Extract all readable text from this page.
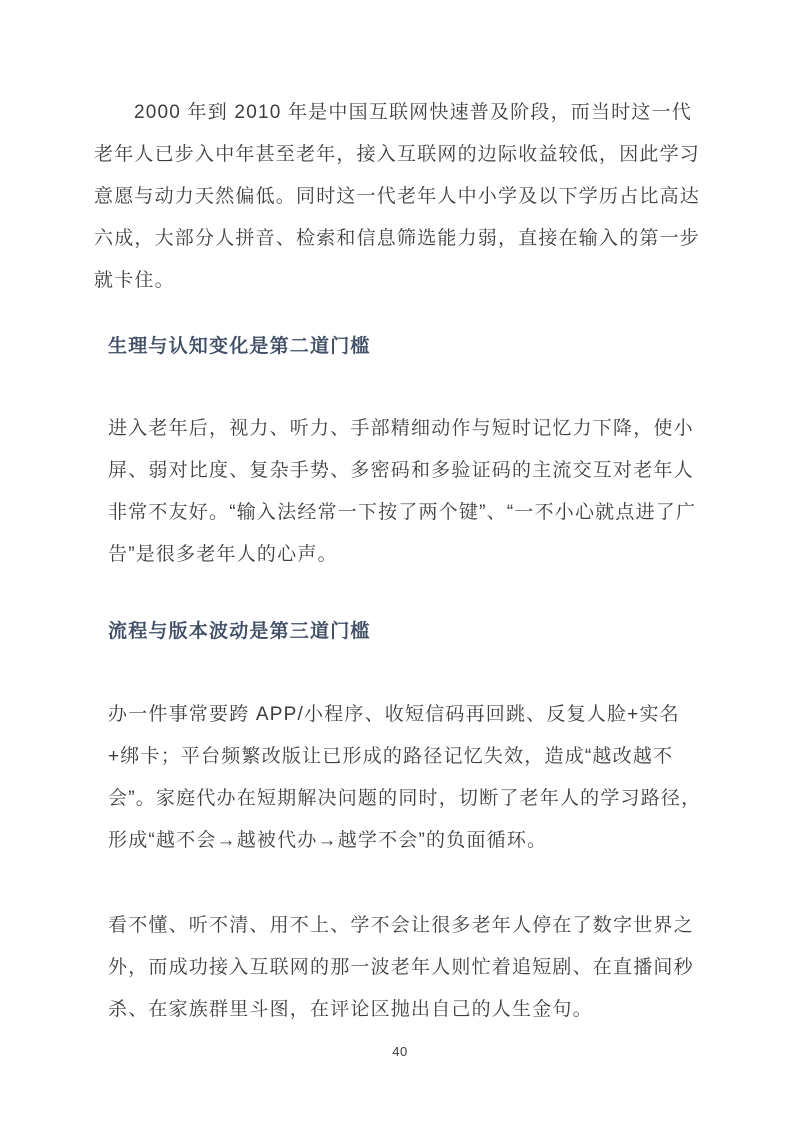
2000 年到 2010 年是中国互联网快速普及阶段，而当时这一代老年人已步入中年甚至老年，接入互联网的边际收益较低，因此学习意愿与动力天然偏低。同时这一代老年人中小学及以下学历占比高达六成，大部分人拼音、检索和信息筛选能力弱，直接在输入的第一步就卡住。

生理与认知变化是第二道门槛

进入老年后，视力、听力、手部精细动作与短时记忆力下降，使小屏、弱对比度、复杂手势、多密码和多验证码的主流交互对老年人非常不友好。“输入法经常一下按了两个键”、“一不小心就点进了广告”是很多老年人的心声。

流程与版本波动是第三道门槛

办一件事常要跨 APP/小程序、收短信码再回跳、反复人脸+实名+绑卡；平台频繁改版让已形成的路径记忆失效，造成“越改越不会”。家庭代办在短期解决问题的同时，切断了老年人的学习路径，形成“越不会→越被代办→越学不会”的负面循环。

看不懂、听不清、用不上、学不会让很多老年人停在了数字世界之外，而成功接入互联网的那一波老年人则忙着追短剧、在直播间秒杀、在家族群里斗图，在评论区抛出自己的人生金句。

40
